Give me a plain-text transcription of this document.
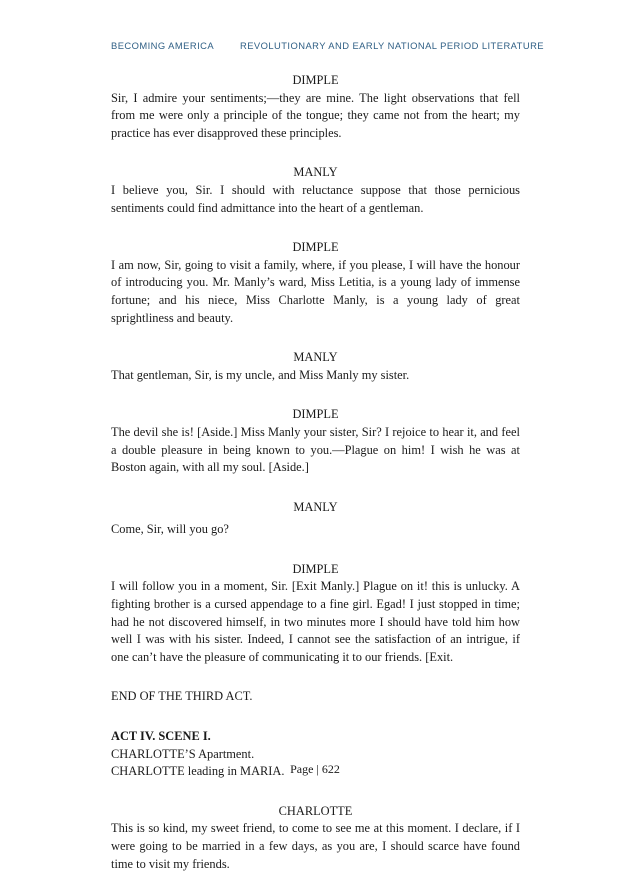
BECOMING AMERICA	REVOLUTIONARY AND EARLY NATIONAL PERIOD LITERATURE

DIMPLE

Sir, I admire your sentiments;—they are mine. The light observations that fell from me were only a principle of the tongue; they came not from the heart; my practice has ever disapproved these principles.

MANLY

I believe you, Sir. I should with reluctance suppose that those pernicious sentiments could find admittance into the heart of a gentleman.

DIMPLE

I am now, Sir, going to visit a family, where, if you please, I will have the honour of introducing you. Mr. Manly’s ward, Miss Letitia, is a young lady of immense fortune; and his niece, Miss Charlotte Manly, is a young lady of great sprightliness and beauty.

MANLY

That gentleman, Sir, is my uncle, and Miss Manly my sister.

DIMPLE

The devil she is! [Aside.] Miss Manly your sister, Sir? I rejoice to hear it, and feel a double pleasure in being known to you.—Plague on him! I wish he was at Boston again, with all my soul. [Aside.]

MANLY

Come, Sir, will you go?

DIMPLE

I will follow you in a moment, Sir. [Exit Manly.] Plague on it! this is unlucky. A fighting brother is a cursed appendage to a fine girl. Egad! I just stopped in time; had he not discovered himself, in two minutes more I should have told him how well I was with his sister. Indeed, I cannot see the satisfaction of an intrigue, if one can’t have the pleasure of communicating it to our friends. [Exit.

END OF THE THIRD ACT.

ACT IV. SCENE I.

CHARLOTTE’S Apartment.

CHARLOTTE leading in MARIA.

CHARLOTTE

This is so kind, my sweet friend, to come to see me at this moment. I declare, if I were going to be married in a few days, as you are, I should scarce have found time to visit my friends.

Page | 622
